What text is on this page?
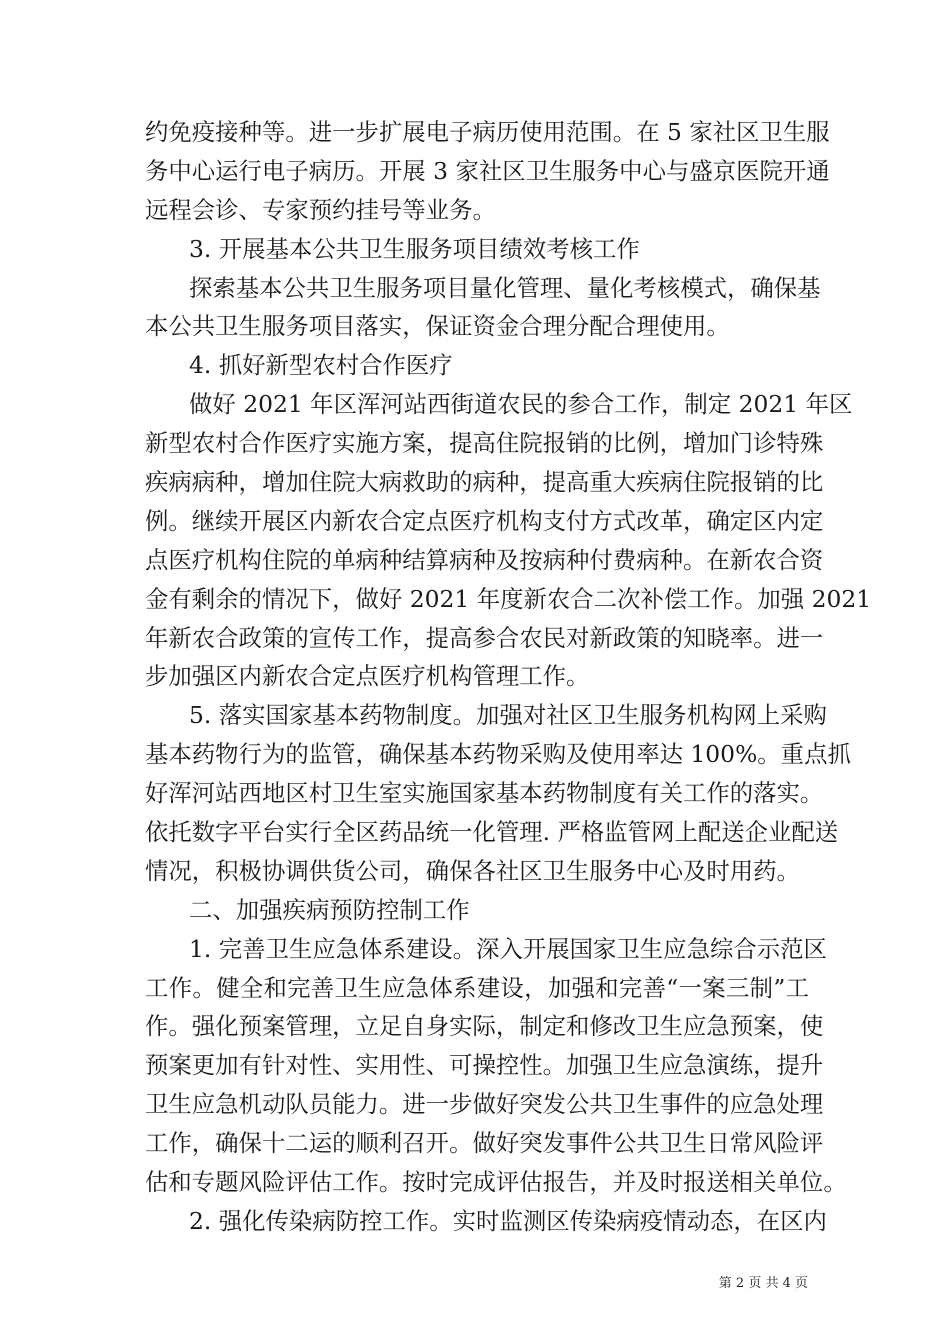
约免疫接种等。进一步扩展电子病历使用范围。在 5 家社区卫生服
务中心运行电子病历。开展 3 家社区卫生服务中心与盛京医院开通
远程会诊、专家预约挂号等业务。
3. 开展基本公共卫生服务项目绩效考核工作
探索基本公共卫生服务项目量化管理、量化考核模式，确保基
本公共卫生服务项目落实，保证资金合理分配合理使用。
4. 抓好新型农村合作医疗
做好 2021 年区浑河站西街道农民的参合工作，制定 2021 年区
新型农村合作医疗实施方案，提高住院报销的比例，增加门诊特殊
疾病病种，增加住院大病救助的病种，提高重大疾病住院报销的比
例。继续开展区内新农合定点医疗机构支付方式改革，确定区内定
点医疗机构住院的单病种结算病种及按病种付费病种。在新农合资
金有剩余的情况下，做好 2021 年度新农合二次补偿工作。加强 2021
年新农合政策的宣传工作，提高参合农民对新政策的知晓率。进一
步加强区内新农合定点医疗机构管理工作。
5. 落实国家基本药物制度。加强对社区卫生服务机构网上采购
基本药物行为的监管，确保基本药物采购及使用率达 100%。重点抓
好浑河站西地区村卫生室实施国家基本药物制度有关工作的落实。
依托数字平台实行全区药品统一化管理. 严格监管网上配送企业配送
情况，积极协调供货公司，确保各社区卫生服务中心及时用药。
二、加强疾病预防控制工作
1. 完善卫生应急体系建设。深入开展国家卫生应急综合示范区
工作。健全和完善卫生应急体系建设，加强和完善“一案三制”工
作。强化预案管理，立足自身实际，制定和修改卫生应急预案，使
预案更加有针对性、实用性、可操控性。加强卫生应急演练，提升
卫生应急机动队员能力。进一步做好突发公共卫生事件的应急处理
工作，确保十二运的顺利召开。做好突发事件公共卫生日常风险评
估和专题风险评估工作。按时完成评估报告，并及时报送相关单位。
2. 强化传染病防控工作。实时监测区传染病疫情动态，在区内
第 2 页 共 4 页
